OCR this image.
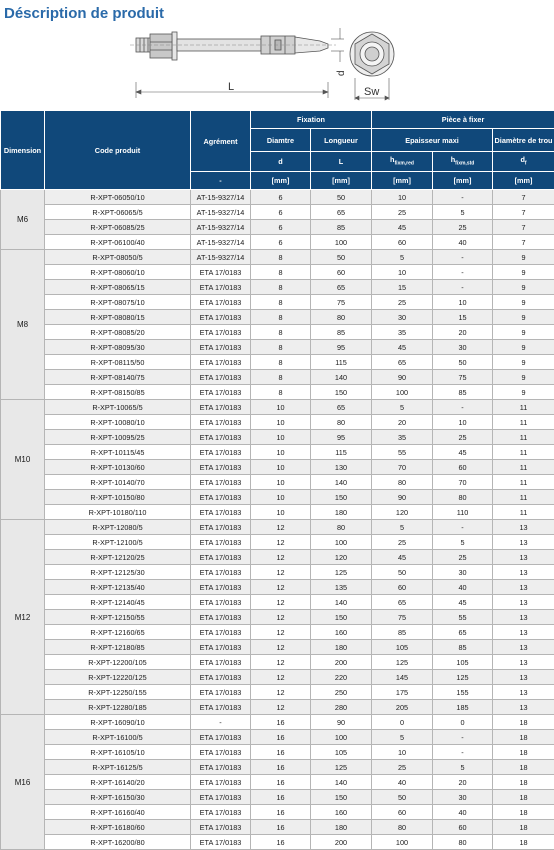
Déscription de produit
L
d
Sw
Dimension	Code produit	Agrément	Fixation		Pièce à fixer		
			Diamtre	Longueur	Epaisseur maxi		Diamètre de trou
			d	L	$h_{fixm,red}$	$h_{fixm,std}$	$d_f$
		-	[mm]	[mm]	[mm]	[mm]	[mm]
M6	R-XPT-06050/10	AT-15-9327/14	6	50	10	-	7
	R-XPT-06065/5	AT-15-9327/14	6	65	25	5	7
	R-XPT-06085/25	AT-15-9327/14	6	85	45	25	7
	R-XPT-06100/40	AT-15-9327/14	6	100	60	40	7
M8	R-XPT-08050/5	AT-15-9327/14	8	50	5	-	9
	R-XPT-08060/10	ETA 17/0183	8	60	10	-	9
	R-XPT-08065/15	ETA 17/0183	8	65	15	-	9
	R-XPT-08075/10	ETA 17/0183	8	75	25	10	9
	R-XPT-08080/15	ETA 17/0183	8	80	30	15	9
	R-XPT-08085/20	ETA 17/0183	8	85	35	20	9
	R-XPT-08095/30	ETA 17/0183	8	95	45	30	9
	R-XPT-08115/50	ETA 17/0183	8	115	65	50	9
	R-XPT-08140/75	ETA 17/0183	8	140	90	75	9
	R-XPT-08150/85	ETA 17/0183	8	150	100	85	9
M10	R-XPT-10065/5	ETA 17/0183	10	65	5	-	11
	R-XPT-10080/10	ETA 17/0183	10	80	20	10	11
	R-XPT-10095/25	ETA 17/0183	10	95	35	25	11
	R-XPT-10115/45	ETA 17/0183	10	115	55	45	11
	R-XPT-10130/60	ETA 17/0183	10	130	70	60	11
	R-XPT-10140/70	ETA 17/0183	10	140	80	70	11
	R-XPT-10150/80	ETA 17/0183	10	150	90	80	11
	R-XPT-10180/110	ETA 17/0183	10	180	120	110	11
M12	R-XPT-12080/5	ETA 17/0183	12	80	5	-	13
	R-XPT-12100/5	ETA 17/0183	12	100	25	5	13
	R-XPT-12120/25	ETA 17/0183	12	120	45	25	13
	R-XPT-12125/30	ETA 17/0183	12	125	50	30	13
	R-XPT-12135/40	ETA 17/0183	12	135	60	40	13
	R-XPT-12140/45	ETA 17/0183	12	140	65	45	13
	R-XPT-12150/55	ETA 17/0183	12	150	75	55	13
	R-XPT-12160/65	ETA 17/0183	12	160	85	65	13
	R-XPT-12180/85	ETA 17/0183	12	180	105	85	13
	R-XPT-12200/105	ETA 17/0183	12	200	125	105	13
	R-XPT-12220/125	ETA 17/0183	12	220	145	125	13
	R-XPT-12250/155	ETA 17/0183	12	250	175	155	13
	R-XPT-12280/185	ETA 17/0183	12	280	205	185	13
M16	R-XPT-16090/10	-	16	90	0	0	18
	R-XPT-16100/5	ETA 17/0183	16	100	5	-	18
	R-XPT-16105/10	ETA 17/0183	16	105	10	-	18
	R-XPT-16125/5	ETA 17/0183	16	125	25	5	18
	R-XPT-16140/20	ETA 17/0183	16	140	40	20	18
	R-XPT-16150/30	ETA 17/0183	16	150	50	30	18
	R-XPT-16160/40	ETA 17/0183	16	160	60	40	18
	R-XPT-16180/60	ETA 17/0183	16	180	80	60	18
	R-XPT-16200/80	ETA 17/0183	16	200	100	80	18
